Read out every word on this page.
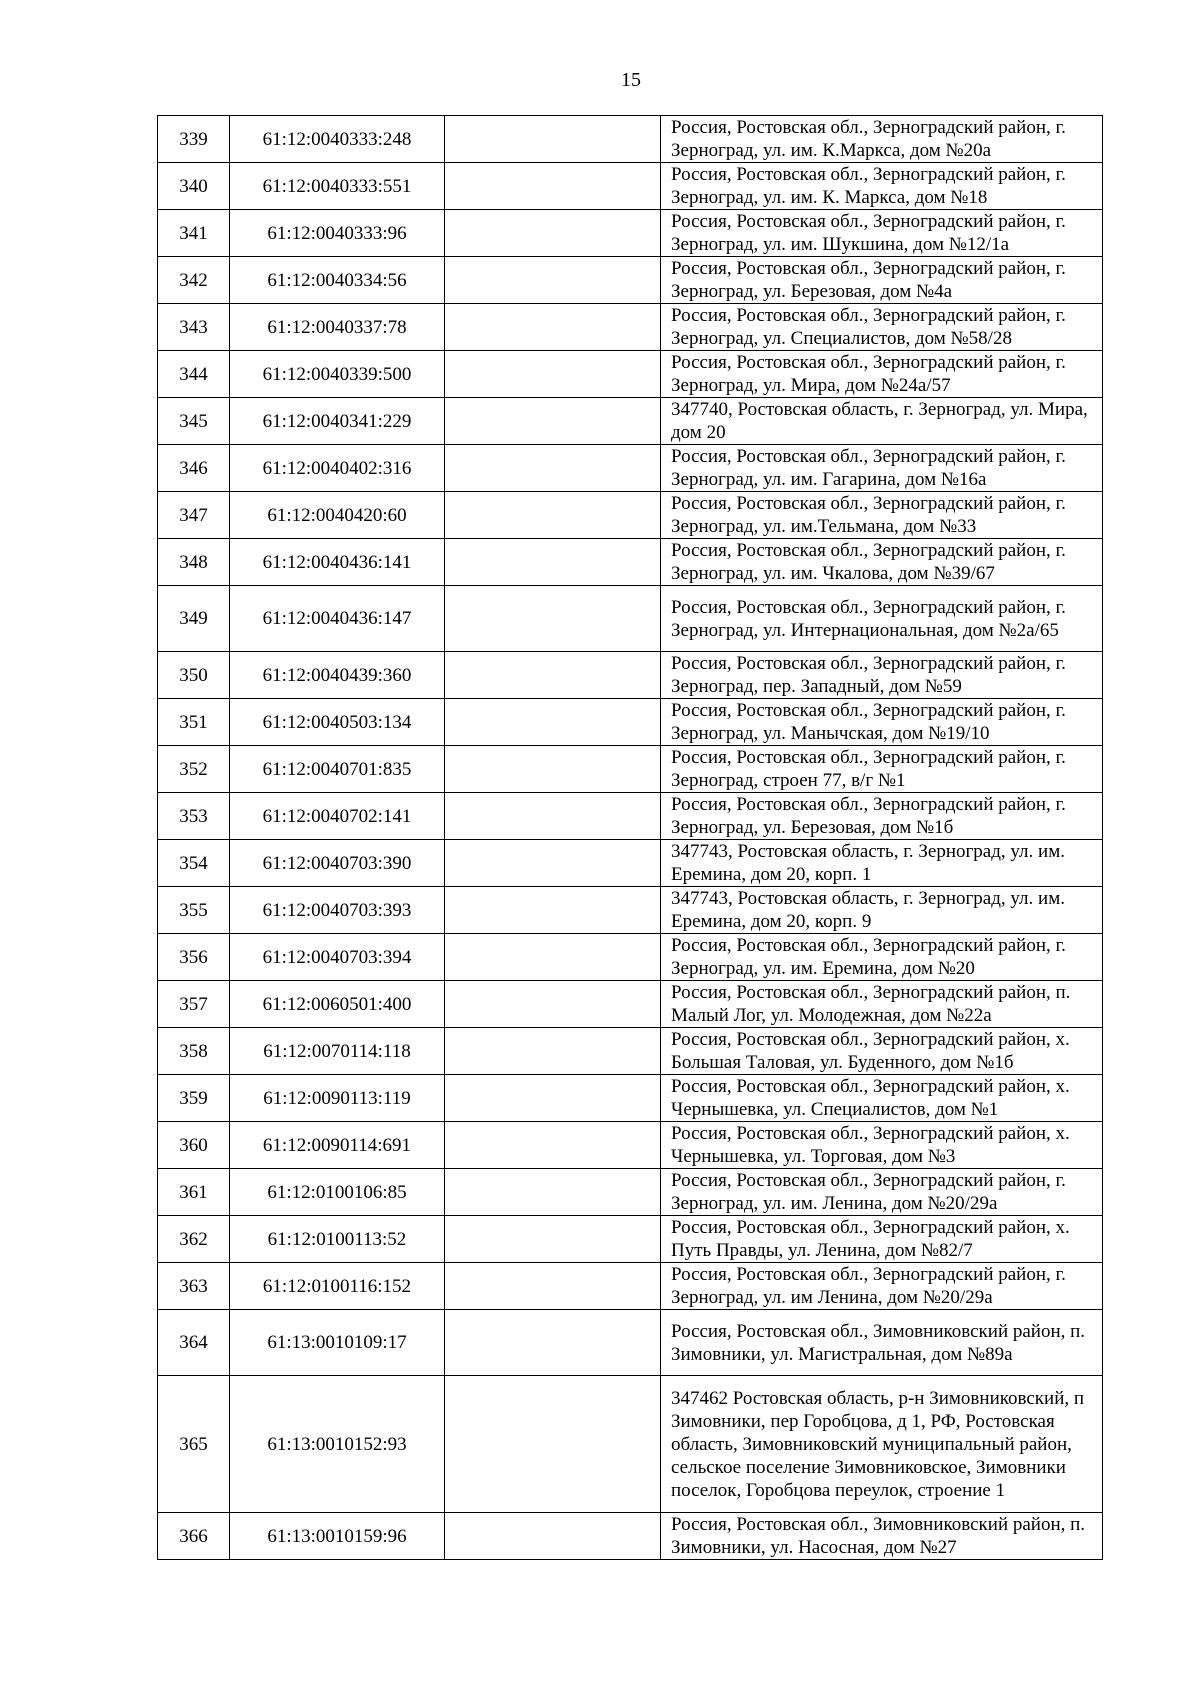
15
339	61:12:0040333:248		Россия, Ростовская обл., Зерноградский район, г. Зерноград, ул. им. К.Маркса, дом №20а
340	61:12:0040333:551		Россия, Ростовская обл., Зерноградский район, г. Зерноград, ул. им. К. Маркса, дом №18
341	61:12:0040333:96		Россия, Ростовская обл., Зерноградский район, г. Зерноград, ул. им. Шукшина, дом №12/1а
342	61:12:0040334:56		Россия, Ростовская обл., Зерноградский район, г. Зерноград, ул. Березовая, дом №4а
343	61:12:0040337:78		Россия, Ростовская обл., Зерноградский район, г. Зерноград, ул. Специалистов, дом №58/28
344	61:12:0040339:500		Россия, Ростовская обл., Зерноградский район, г. Зерноград, ул. Мира, дом №24а/57
345	61:12:0040341:229		347740, Ростовская область, г. Зерноград, ул. Мира, дом 20
346	61:12:0040402:316		Россия, Ростовская обл., Зерноградский район, г. Зерноград, ул. им. Гагарина, дом №16а
347	61:12:0040420:60		Россия, Ростовская обл., Зерноградский район, г. Зерноград, ул. им.Тельмана, дом №33
348	61:12:0040436:141		Россия, Ростовская обл., Зерноградский район, г. Зерноград, ул. им. Чкалова, дом №39/67
349	61:12:0040436:147		Россия, Ростовская обл., Зерноградский район, г. Зерноград, ул. Интернациональная, дом №2а/65
350	61:12:0040439:360		Россия, Ростовская обл., Зерноградский район, г. Зерноград, пер. Западный, дом №59
351	61:12:0040503:134		Россия, Ростовская обл., Зерноградский район, г. Зерноград, ул. Манычская, дом №19/10
352	61:12:0040701:835		Россия, Ростовская обл., Зерноградский район, г. Зерноград, строен 77, в/г №1
353	61:12:0040702:141		Россия, Ростовская обл., Зерноградский район, г. Зерноград, ул. Березовая, дом №1б
354	61:12:0040703:390		347743, Ростовская область, г. Зерноград, ул. им. Еремина, дом 20, корп. 1
355	61:12:0040703:393		347743, Ростовская область, г. Зерноград, ул. им. Еремина, дом 20, корп. 9
356	61:12:0040703:394		Россия, Ростовская обл., Зерноградский район, г. Зерноград, ул. им. Еремина, дом №20
357	61:12:0060501:400		Россия, Ростовская обл., Зерноградский район, п. Малый Лог, ул. Молодежная, дом №22а
358	61:12:0070114:118		Россия, Ростовская обл., Зерноградский район, х. Большая Таловая, ул. Буденного, дом №1б
359	61:12:0090113:119		Россия, Ростовская обл., Зерноградский район, х. Чернышевка, ул. Специалистов, дом №1
360	61:12:0090114:691		Россия, Ростовская обл., Зерноградский район, х. Чернышевка, ул. Торговая, дом №3
361	61:12:0100106:85		Россия, Ростовская обл., Зерноградский район, г. Зерноград, ул. им. Ленина, дом №20/29а
362	61:12:0100113:52		Россия, Ростовская обл., Зерноградский район, х. Путь Правды, ул. Ленина, дом №82/7
363	61:12:0100116:152		Россия, Ростовская обл., Зерноградский район, г. Зерноград, ул. им Ленина, дом №20/29а
364	61:13:0010109:17		Россия, Ростовская обл., Зимовниковский район, п. Зимовники, ул. Магистральная, дом №89а
365	61:13:0010152:93		347462 Ростовская область, р-н Зимовниковский, п Зимовники, пер Горобцова, д 1, РФ, Ростовская область, Зимовниковский муниципальный район, сельское поселение Зимовниковское, Зимовники поселок, Горобцова переулок, строение 1
366	61:13:0010159:96		Россия, Ростовская обл., Зимовниковский район, п. Зимовники, ул. Насосная, дом №27
